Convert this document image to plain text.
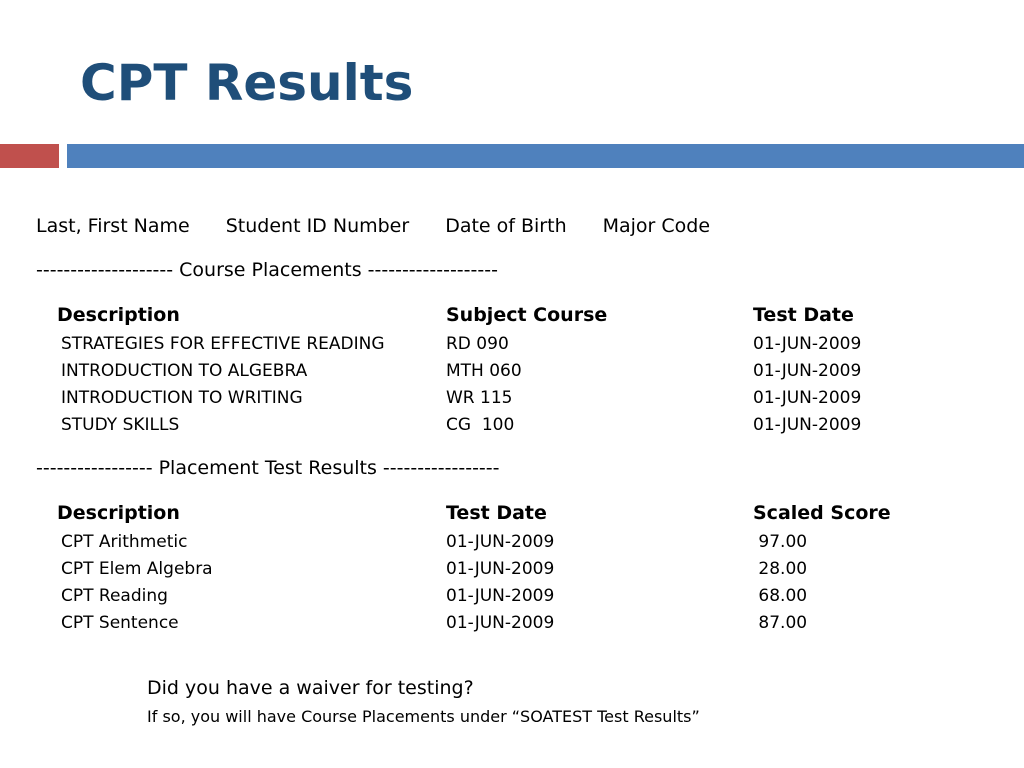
CPT Results
Last, First Name Student ID Number Date of Birth Major Code
-------------------- Course Placements -------------------
Description	Subject Course	Test Date
STRATEGIES FOR EFFECTIVE READING	RD 090	01-JUN-2009
INTRODUCTION TO ALGEBRA	MTH 060	01-JUN-2009
INTRODUCTION TO WRITING	WR 115	01-JUN-2009
STUDY SKILLS	CG  100	01-JUN-2009
----------------- Placement Test Results -----------------
Description	Test Date	Scaled Score
CPT Arithmetic	01-JUN-2009	97.00
CPT Elem Algebra	01-JUN-2009	28.00
CPT Reading	01-JUN-2009	68.00
CPT Sentence	01-JUN-2009	87.00
Did you have a waiver for testing?
If so, you will have Course Placements under “SOATEST Test Results”
